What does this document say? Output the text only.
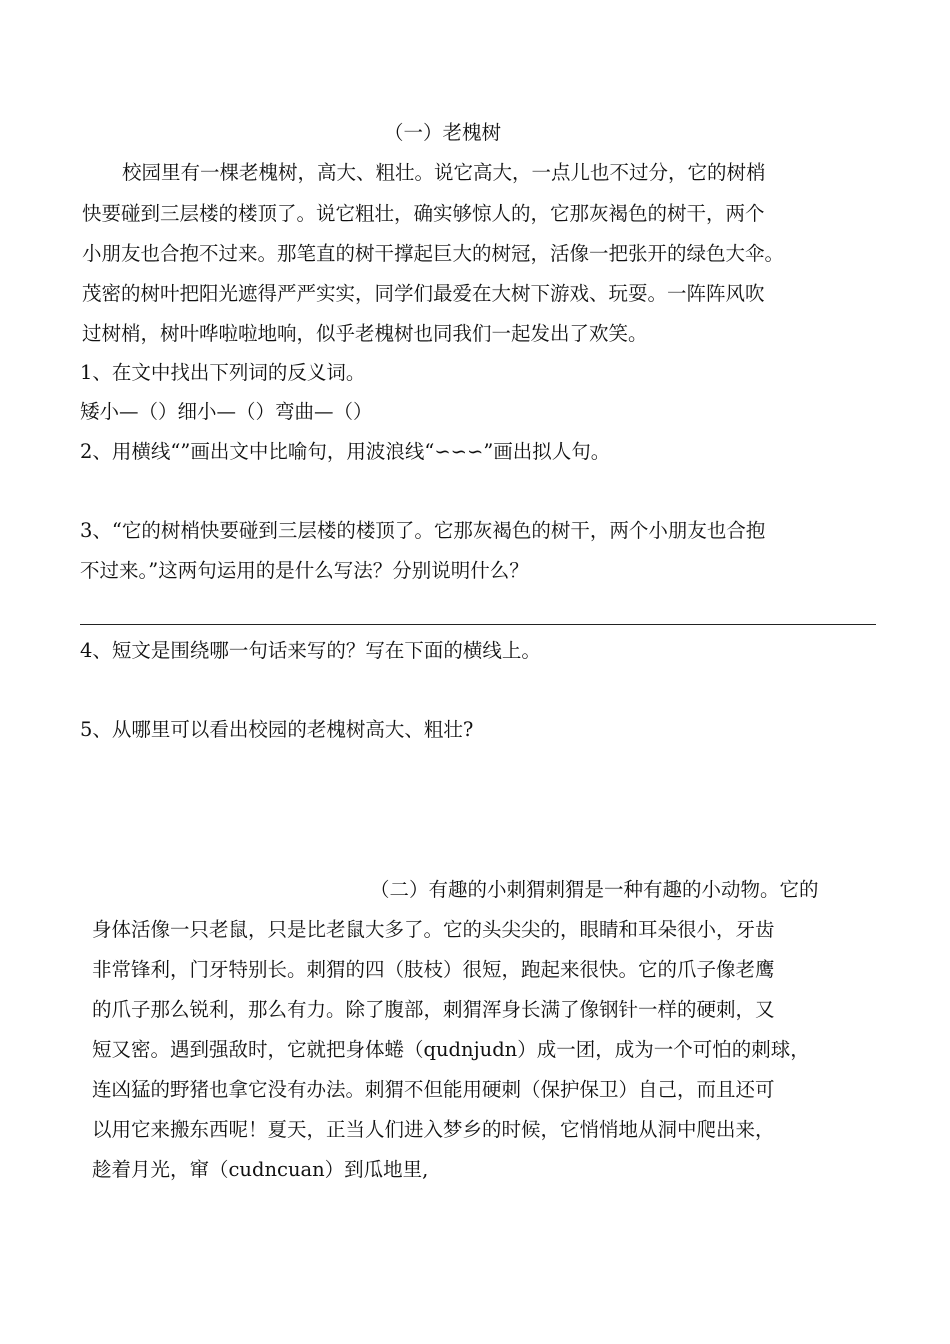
（一）老槐树
校园里有一棵老槐树，高大、粗壮。说它高大，一点儿也不过分，它的树梢
快要碰到三层楼的楼顶了。说它粗壮，确实够惊人的，它那灰褐色的树干，两个
小朋友也合抱不过来。那笔直的树干撑起巨大的树冠，活像一把张开的绿色大伞。
茂密的树叶把阳光遮得严严实实，同学们最爱在大树下游戏、玩耍。一阵阵风吹
过树梢，树叶哗啦啦地响，似乎老槐树也同我们一起发出了欢笑。
1、在文中找出下列词的反义词。
矮小—（）细小—（）弯曲—（）
2、用横线“”画出文中比喻句，用波浪线“∽∽∽”画出拟人句。
3、“它的树梢快要碰到三层楼的楼顶了。它那灰褐色的树干，两个小朋友也合抱
不过来。”这两句运用的是什么写法？分别说明什么？
4、短文是围绕哪一句话来写的？写在下面的横线上。
5、从哪里可以看出校园的老槐树高大、粗壮?
（二）有趣的小刺猬刺猬是一种有趣的小动物。它的
身体活像一只老鼠，只是比老鼠大多了。它的头尖尖的，眼睛和耳朵很小，牙齿
非常锋利，门牙特别长。刺猬的四（肢枝）很短，跑起来很快。它的爪子像老鹰
的爪子那么锐利，那么有力。除了腹部，刺猬浑身长满了像钢针一样的硬刺，又
短又密。遇到强敌时，它就把身体蜷（qudnjudn）成一团，成为一个可怕的刺球，
连凶猛的野猪也拿它没有办法。刺猬不但能用硬刺（保护保卫）自己，而且还可
以用它来搬东西呢！夏天，正当人们进入梦乡的时候，它悄悄地从洞中爬出来，
趁着月光，窜（cudncuan）到瓜地里,
